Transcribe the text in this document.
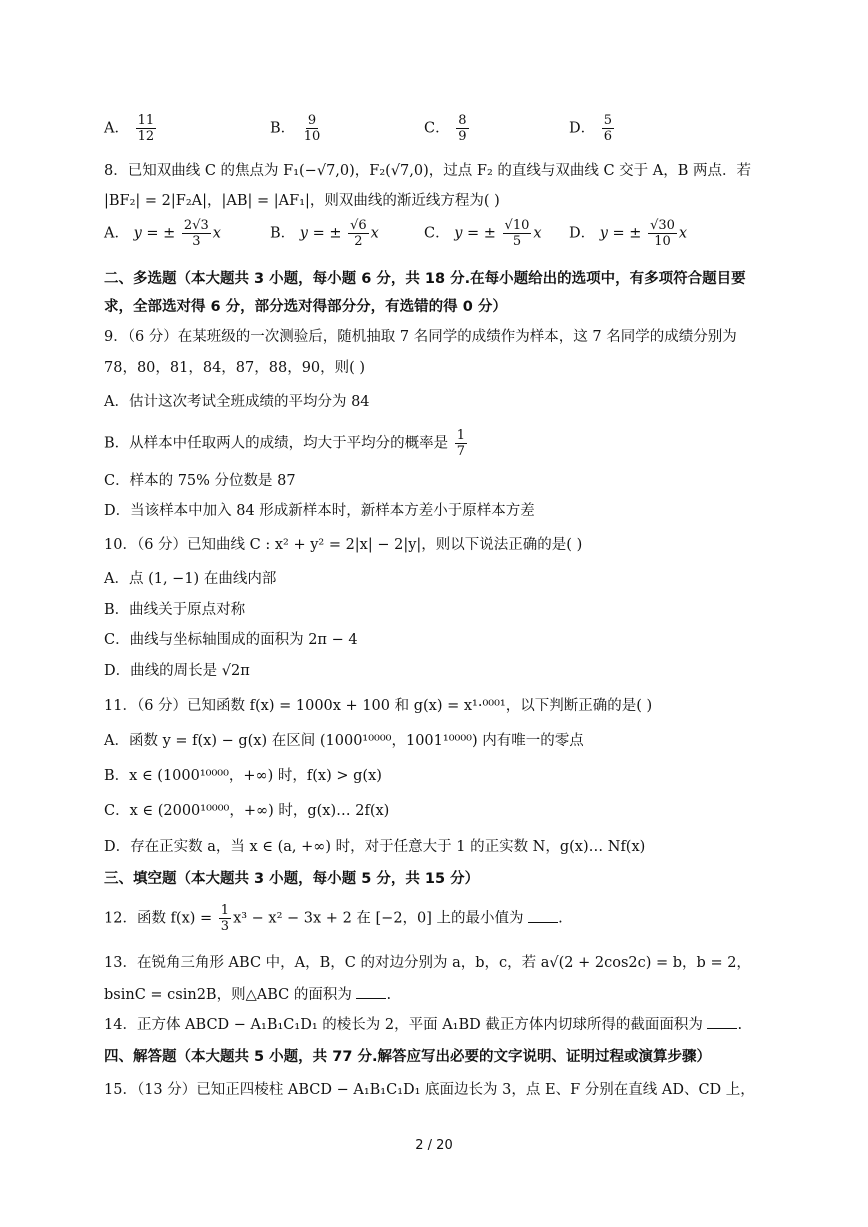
A． $\frac{11}{12}$	B． $\frac{9}{10}$	C． $\frac{8}{9}$	D． $\frac{5}{6}$
8．已知双曲线 C 的焦点为 F₁(−√7,0)，F₂(√7,0)，过点 F₂ 的直线与双曲线 C 交于 A，B 两点．若
|BF₂| = 2|F₂A|，|AB| = |AF₁|，则双曲线的渐近线方程为( )
A． y = ± $\frac{2√3}{3}$ x	B． y = ± $\frac{√6}{2}$ x	C． y = ± $\frac{√10}{5}$ x D． y = ± $\frac{√30}{10}$ x
二、多选题（本大题共 3 小题，每小题 6 分，共 18 分.在每小题给出的选项中，有多项符合题目要
求，全部选对得 6 分，部分选对得部分分，有选错的得 0 分）
9．（6 分）在某班级的一次测验后，随机抽取 7 名同学的成绩作为样本，这 7 名同学的成绩分别为
78，80，81，84，87，88，90，则( )
A．估计这次考试全班成绩的平均分为 84
B．从样本中任取两人的成绩，均大于平均分的概率是 $\frac{1}{7}$
C．样本的 75% 分位数是 87
D．当该样本中加入 84 形成新样本时，新样本方差小于原样本方差
10．（6 分）已知曲线 C : x² + y² = 2|x| − 2|y|，则以下说法正确的是( )
A．点 (1, −1) 在曲线内部
B．曲线关于原点对称
C．曲线与坐标轴围成的面积为 2π − 4
D．曲线的周长是 √2π
11．（6 分）已知函数 f(x) = 1000x + 100 和 g(x) = x¹·⁰⁰⁰¹，以下判断正确的是( )
A．函数 y = f(x) − g(x) 在区间 (1000¹⁰⁰⁰⁰，1001¹⁰⁰⁰⁰) 内有唯一的零点
B．x ∈ (1000¹⁰⁰⁰⁰，+∞) 时，f(x) > g(x)
C．x ∈ (2000¹⁰⁰⁰⁰，+∞) 时，g(x)… 2f(x)
D．存在正实数 a，当 x ∈ (a, +∞) 时，对于任意大于 1 的正实数 N，g(x)… Nf(x)
三、填空题（本大题共 3 小题，每小题 5 分，共 15 分）
12．函数 $f(x) = \frac{1}{3} x^3 - x^2 - 3x + 2$ 在 [−2，0] 上的最小值为 .
13．在锐角三角形 ABC 中，A，B，C 的对边分别为 a，b，c，若 a√(2 + 2cos2c) = b，b = 2，
bsinC = csin2B，则△ABC 的面积为 .
14．正方体 ABCD − A₁B₁C₁D₁ 的棱长为 2，平面 A₁BD 截正方体内切球所得的截面面积为 .
四、解答题（本大题共 5 小题，共 77 分.解答应写出必要的文字说明、证明过程或演算步骤）
15．（13 分）已知正四棱柱 ABCD − A₁B₁C₁D₁ 底面边长为 3，点 E、F 分别在直线 AD、CD 上，
2 / 20
